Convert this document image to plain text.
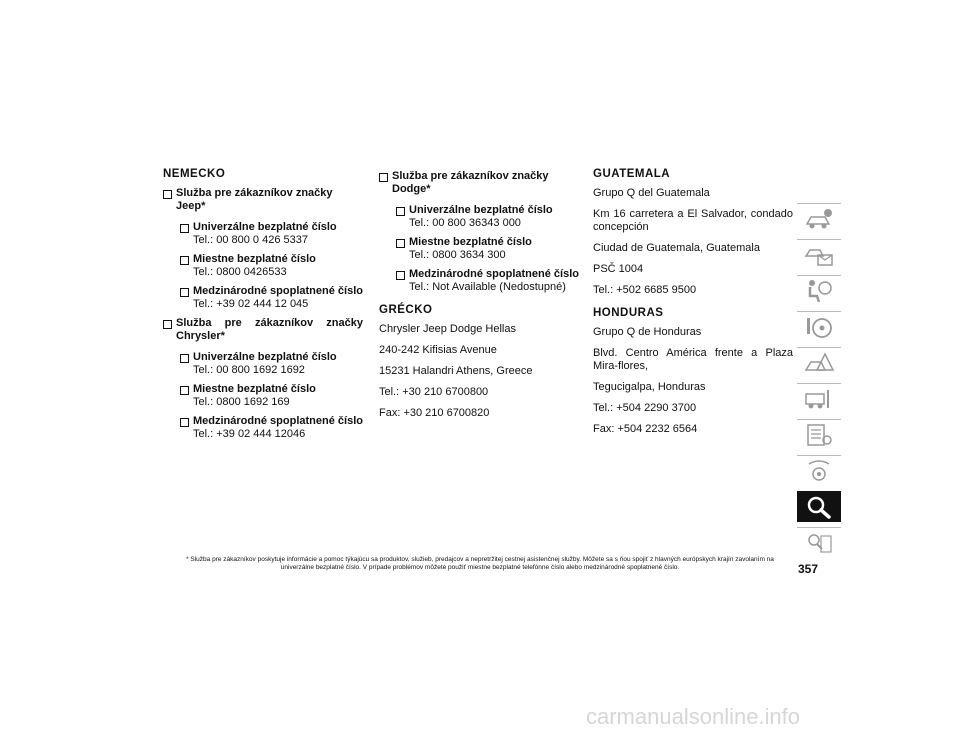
NEMECKO
Služba pre zákazníkov značky Jeep*
Univerzálne bezplatné číslo
Tel.: 00 800 0 426 5337
Miestne bezplatné číslo
Tel.: 0800 0426533
Medzinárodné spoplatnené číslo
Tel.: +39 02 444 12 045
Služba pre zákazníkov značky Chrysler*
Univerzálne bezplatné číslo
Tel.: 00 800 1692 1692
Miestne bezplatné číslo
Tel.: 0800 1692 169
Medzinárodné spoplatnené číslo
Tel.: +39 02 444 12046
Služba pre zákazníkov značky Dodge*
Univerzálne bezplatné číslo
Tel.: 00 800 36343 000
Miestne bezplatné číslo
Tel.: 0800 3634 300
Medzinárodné spoplatnené číslo
Tel.: Not Available (Nedostupné)
GRÉCKO
Chrysler Jeep Dodge Hellas
240-242 Kifisias Avenue
15231 Halandri Athens, Greece
Tel.: +30 210 6700800
Fax: +30 210 6700820
GUATEMALA
Grupo Q del Guatemala
Km 16 carretera a El Salvador, condado concepción
Ciudad de Guatemala, Guatemala
PSČ 1004
Tel.: +502 6685 9500
HONDURAS
Grupo Q de Honduras
Blvd. Centro América frente a Plaza Mira-flores,
Tegucigalpa, Honduras
Tel.: +504 2290 3700
Fax: +504 2232 6564
* Služba pre zákazníkov poskytuje informácie a pomoc týkajúcu sa produktov, služieb, predajcov a nepretržitej cestnej asistenčnej služby. Môžete sa s ňou spojiť z hlavných európskych krajín zavolaním na univerzálne bezplatné číslo. V prípade problémov môžete použiť miestne bezplatné telefónne číslo alebo medzinárodné spoplatnené číslo.	357
carmanualsonline.info
